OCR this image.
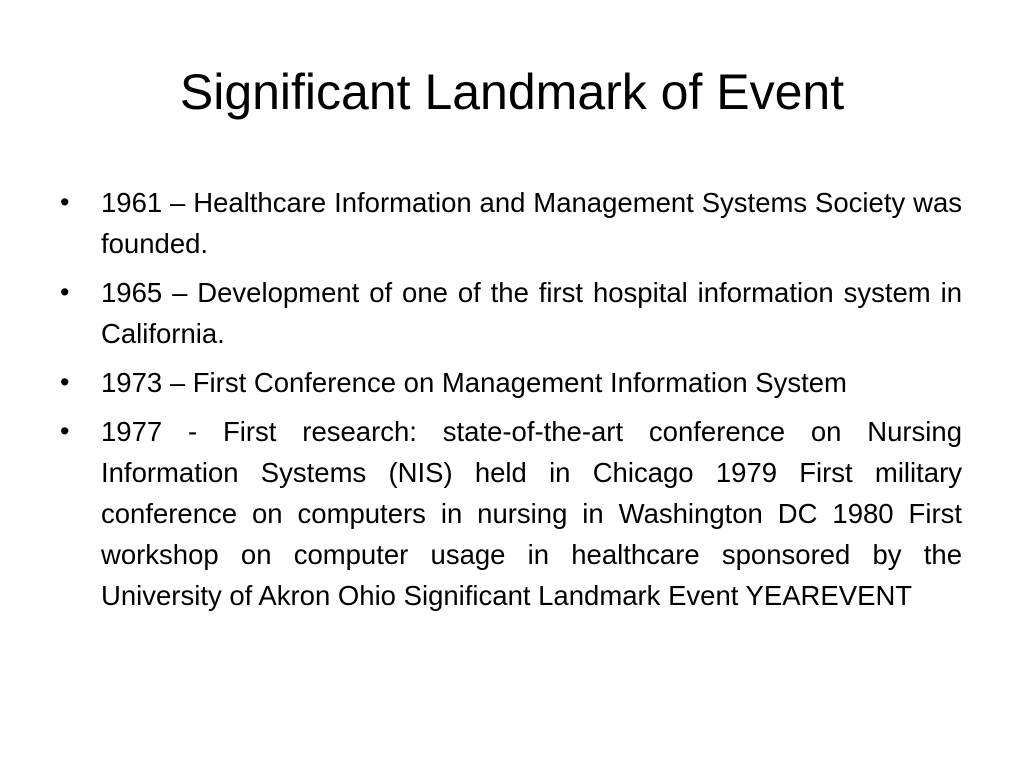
Significant Landmark of Event
• 1961 – Healthcare Information and Management Systems Society was founded.
• 1965 – Development of one of the first hospital information system in California.
• 1973 – First Conference on Management Information System
• 1977 - First research: state-of-the-art conference on Nursing Information Systems (NIS) held in Chicago 1979 First military conference on computers in nursing in Washington DC 1980 First workshop on computer usage in healthcare sponsored by the University of Akron Ohio Significant Landmark Event YEAREVENT
